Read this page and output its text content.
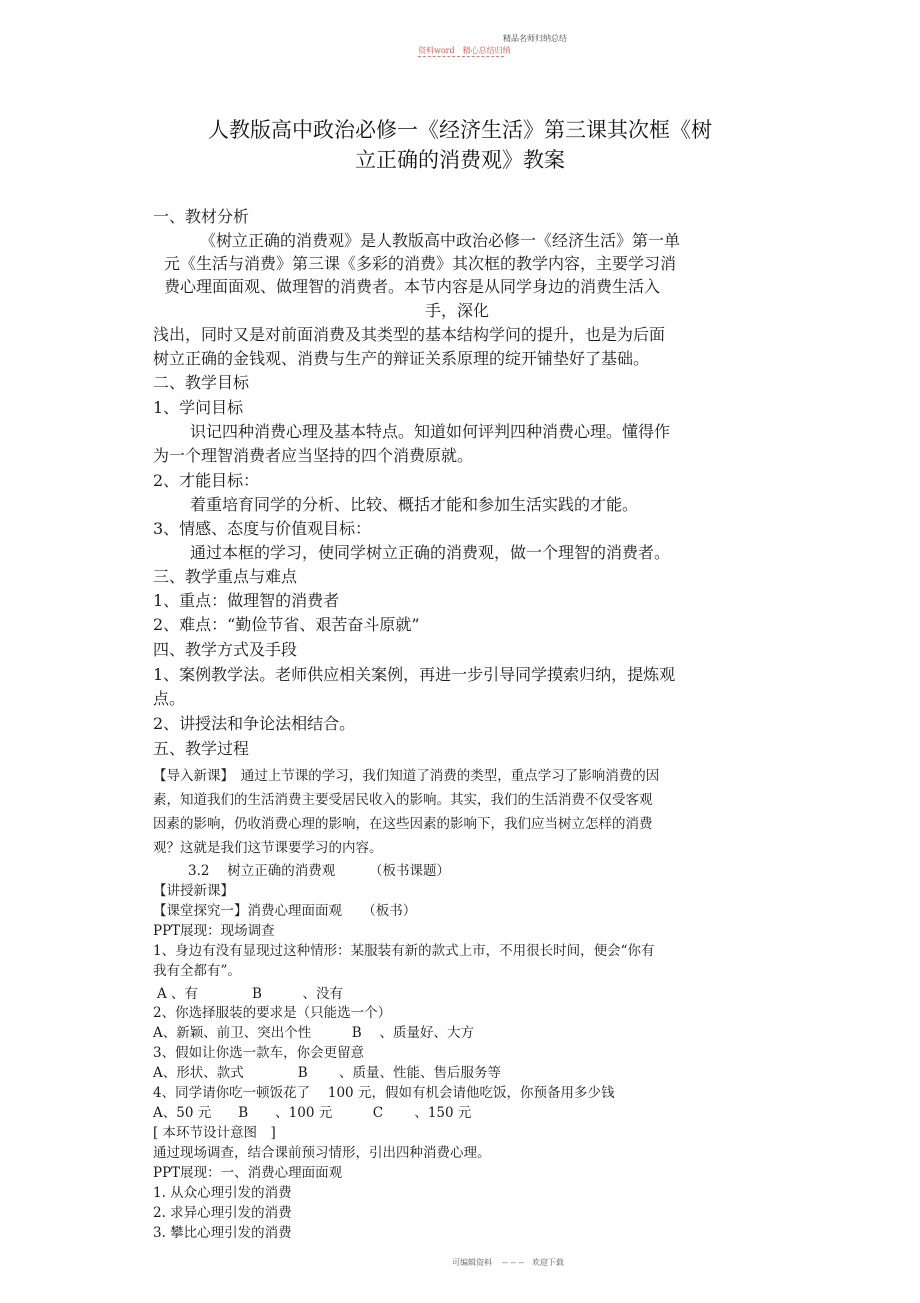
精品名师归纳总结
资料word　精心总结归纳
人教版高中政治必修一《经济生活》第三课其次框《树
立正确的消费观》教案
一、教材分析
《树立正确的消费观》是人教版高中政治必修一《经济生活》第一单
元《生活与消费》第三课《多彩的消费》其次框的教学内容，主要学习消
费心理面面观、做理智的消费者。本节内容是从同学身边的消费生活入
手，深化
浅出，同时又是对前面消费及其类型的基本结构学问的提升，也是为后面
树立正确的金钱观、消费与生产的辩证关系原理的绽开铺垫好了基础。
二、教学目标
1、学问目标
识记四种消费心理及基本特点。知道如何评判四种消费心理。懂得作
为一个理智消费者应当坚持的四个消费原就。
2、才能目标：
着重培育同学的分析、比较、概括才能和参加生活实践的才能。
3、情感、态度与价值观目标：
通过本框的学习，使同学树立正确的消费观，做一个理智的消费者。
三、教学重点与难点
1、重点：做理智的消费者
2、难点：“勤俭节省、艰苦奋斗原就”
四、教学方式及手段
1、案例教学法。老师供应相关案例，再进一步引导同学摸索归纳，提炼观
点。
2、讲授法和争论法相结合。
五、教学过程
【导入新课】　通过上节课的学习，我们知道了消费的类型，重点学习了影响消费的因
素，知道我们的生活消费主要受居民收入的影响。其实，我们的生活消费不仅受客观
因素的影响，仍收消费心理的影响，在这些因素的影响下，我们应当树立怎样的消费
观？这就是我们这节课要学习的内容。
3.2　 树立正确的消费观　　　（板书课题）
【讲授新课】
【课堂探究一】消费心理面面观　　（板书）
PPT展现：现场调查
1、身边有没有显现过这种情形：某服装有新的款式上市，不用很长时间，便会“你有
我有全都有”。
A 、有　　　　B　　　、没有
2、你选择服装的要求是（只能选一个）
A、新颖、前卫、突出个性　　　B　 、质量好、大方
3、假如让你选一款车，你会更留意
A、形状、款式　　　　B　　 、质量、性能、售后服务等
4、同学请你吃一顿饭花了　 100 元，假如有机会请他吃饭，你预备用多少钱
A、50 元　　B　　、100 元　　　C　　 、150 元
[ 本环节设计意图　]
通过现场调查，结合课前预习情形，引出四种消费心理。
PPT展现：一、消费心理面面观
1. 从众心理引发的消费
2. 求异心理引发的消费
3. 攀比心理引发的消费
可编辑资料　 -- -- --　欢迎下载
